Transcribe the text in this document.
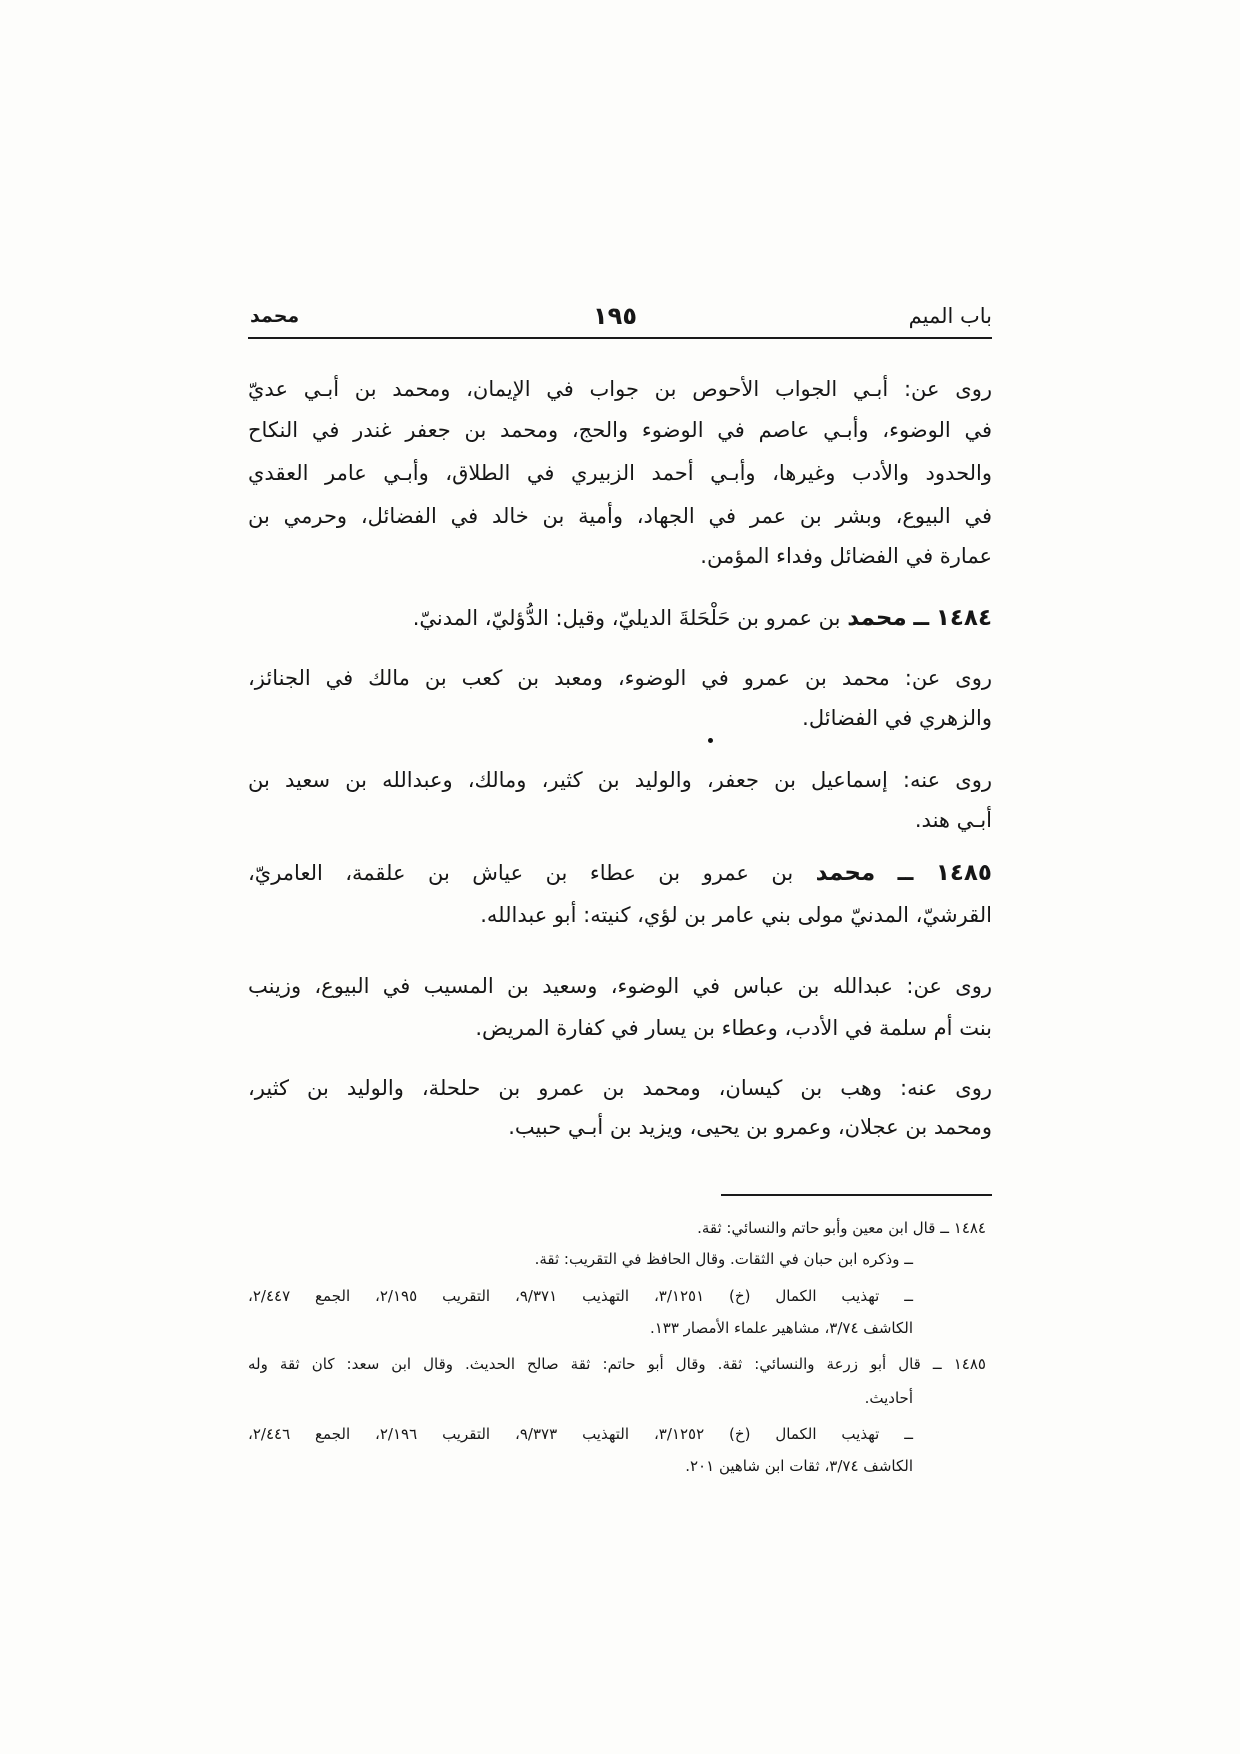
باب الميم
١٩٥
محمد
روى عن: أبـي الجواب الأحوص بن جواب في الإيمان، ومحمد بن أبـي عديّ
في الوضوء، وأبـي عاصم في الوضوء والحج، ومحمد بن جعفر غندر في النكاح
والحدود والأدب وغيرها، وأبـي أحمد الزبيري في الطلاق، وأبـي عامر العقدي
في البيوع، وبشر بن عمر في الجهاد، وأمية بن خالد في الفضائل، وحرمي بن
عمارة في الفضائل وفداء المؤمن.
١٤٨٤ ــ محمد بن عمرو بن حَلْحَلةَ الديليّ، وقيل: الدُّؤليّ، المدنيّ.
روى عن: محمد بن عمرو في الوضوء، ومعبد بن كعب بن مالك في الجنائز،
والزهري في الفضائل.
روى عنه: إسماعيل بن جعفر، والوليد بن كثير، ومالك، وعبدالله بن سعيد بن
أبـي هند.
١٤٨٥ ــ محمد بن عمرو بن عطاء بن عياش بن علقمة، العامريّ،
القرشيّ، المدنيّ مولى بني عامر بن لؤي، كنيته: أبو عبدالله.
روى عن: عبدالله بن عباس في الوضوء، وسعيد بن المسيب في البيوع، وزينب
بنت أم سلمة في الأدب، وعطاء بن يسار في كفارة المريض.
روى عنه: وهب بن كيسان، ومحمد بن عمرو بن حلحلة، والوليد بن كثير،
ومحمد بن عجلان، وعمرو بن يحيى، ويزيد بن أبـي حبيب.
١٤٨٤ ــ قال ابن معين وأبو حاتم والنسائي: ثقة.
ــ وذكره ابن حبان في الثقات. وقال الحافظ في التقريب: ثقة.
ــ تهذيب الكمال (خ) ٣/١٢٥١، التهذيب ٩/٣٧١، التقريب ٢/١٩٥، الجمع ٢/٤٤٧،
الكاشف ٣/٧٤، مشاهير علماء الأمصار ١٣٣.
١٤٨٥ ــ قال أبو زرعة والنسائي: ثقة. وقال أبو حاتم: ثقة صالح الحديث. وقال ابن سعد: كان ثقة وله
أحاديث.
ــ تهذيب الكمال (خ) ٣/١٢٥٢، التهذيب ٩/٣٧٣، التقريب ٢/١٩٦، الجمع ٢/٤٤٦،
الكاشف ٣/٧٤، ثقات ابن شاهين ٢٠١.
